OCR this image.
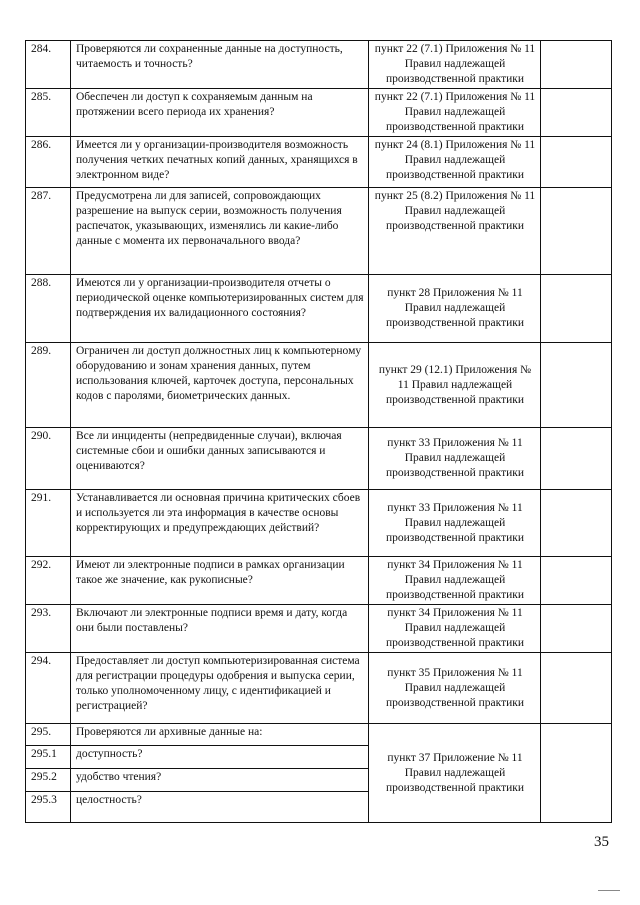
284.	Проверяются ли сохраненные данные на доступность, читаемость и точность?	пункт 22 (7.1) Приложения № 11 Правил надлежащей производственной практики	
285.	Обеспечен ли доступ к сохраняемым данным на протяжении всего периода их хранения?	пункт 22 (7.1) Приложения № 11 Правил надлежащей производственной практики	
286.	Имеется ли у организации-производителя возможность получения четких печатных копий данных, хранящихся в электронном виде?	пункт 24 (8.1) Приложения № 11 Правил надлежащей производственной практики	
287.	Предусмотрена ли для записей, сопровождающих разрешение на выпуск серии, возможность получения распечаток, указывающих, изменялись ли какие-либо данные с момента их первоначального ввода?	пункт 25 (8.2) Приложения № 11 Правил надлежащей производственной практики	
288.	Имеются ли у организации-производителя отчеты о периодической оценке компьютеризированных систем для подтверждения их валидационного состояния?	пункт 28 Приложения № 11 Правил надлежащей производственной практики	
289.	Ограничен ли доступ должностных лиц к компьютерному оборудованию и зонам хранения данных, путем использования ключей, карточек доступа, персональных кодов с паролями, биометрических данных.	пункт 29 (12.1) Приложения № 11 Правил надлежащей производственной практики	
290.	Все ли инциденты (непредвиденные случаи), включая системные сбои и ошибки данных записываются и оцениваются?	пункт 33 Приложения № 11 Правил надлежащей производственной практики	
291.	Устанавливается ли основная причина критических сбоев и используется ли эта информация в качестве основы корректирующих и предупреждающих действий?	пункт 33 Приложения № 11 Правил надлежащей производственной практики	
292.	Имеют ли электронные подписи в рамках организации такое же значение, как рукописные?	пункт 34 Приложения № 11 Правил надлежащей производственной практики	
293.	Включают ли электронные подписи время и дату, когда они были поставлены?	пункт 34 Приложения № 11 Правил надлежащей производственной практики	
294.	Предоставляет ли доступ компьютеризированная система для регистрации процедуры одобрения и выпуска серии, только уполномоченному лицу, с идентификацией и регистрацией?	пункт 35 Приложения № 11 Правил надлежащей производственной практики	
295.	Проверяются ли архивные данные на:	пункт 37 Приложение № 11 Правил надлежащей производственной практики	
295.1	доступность?		
295.2	удобство чтения?		
295.3	целостность?		
35
